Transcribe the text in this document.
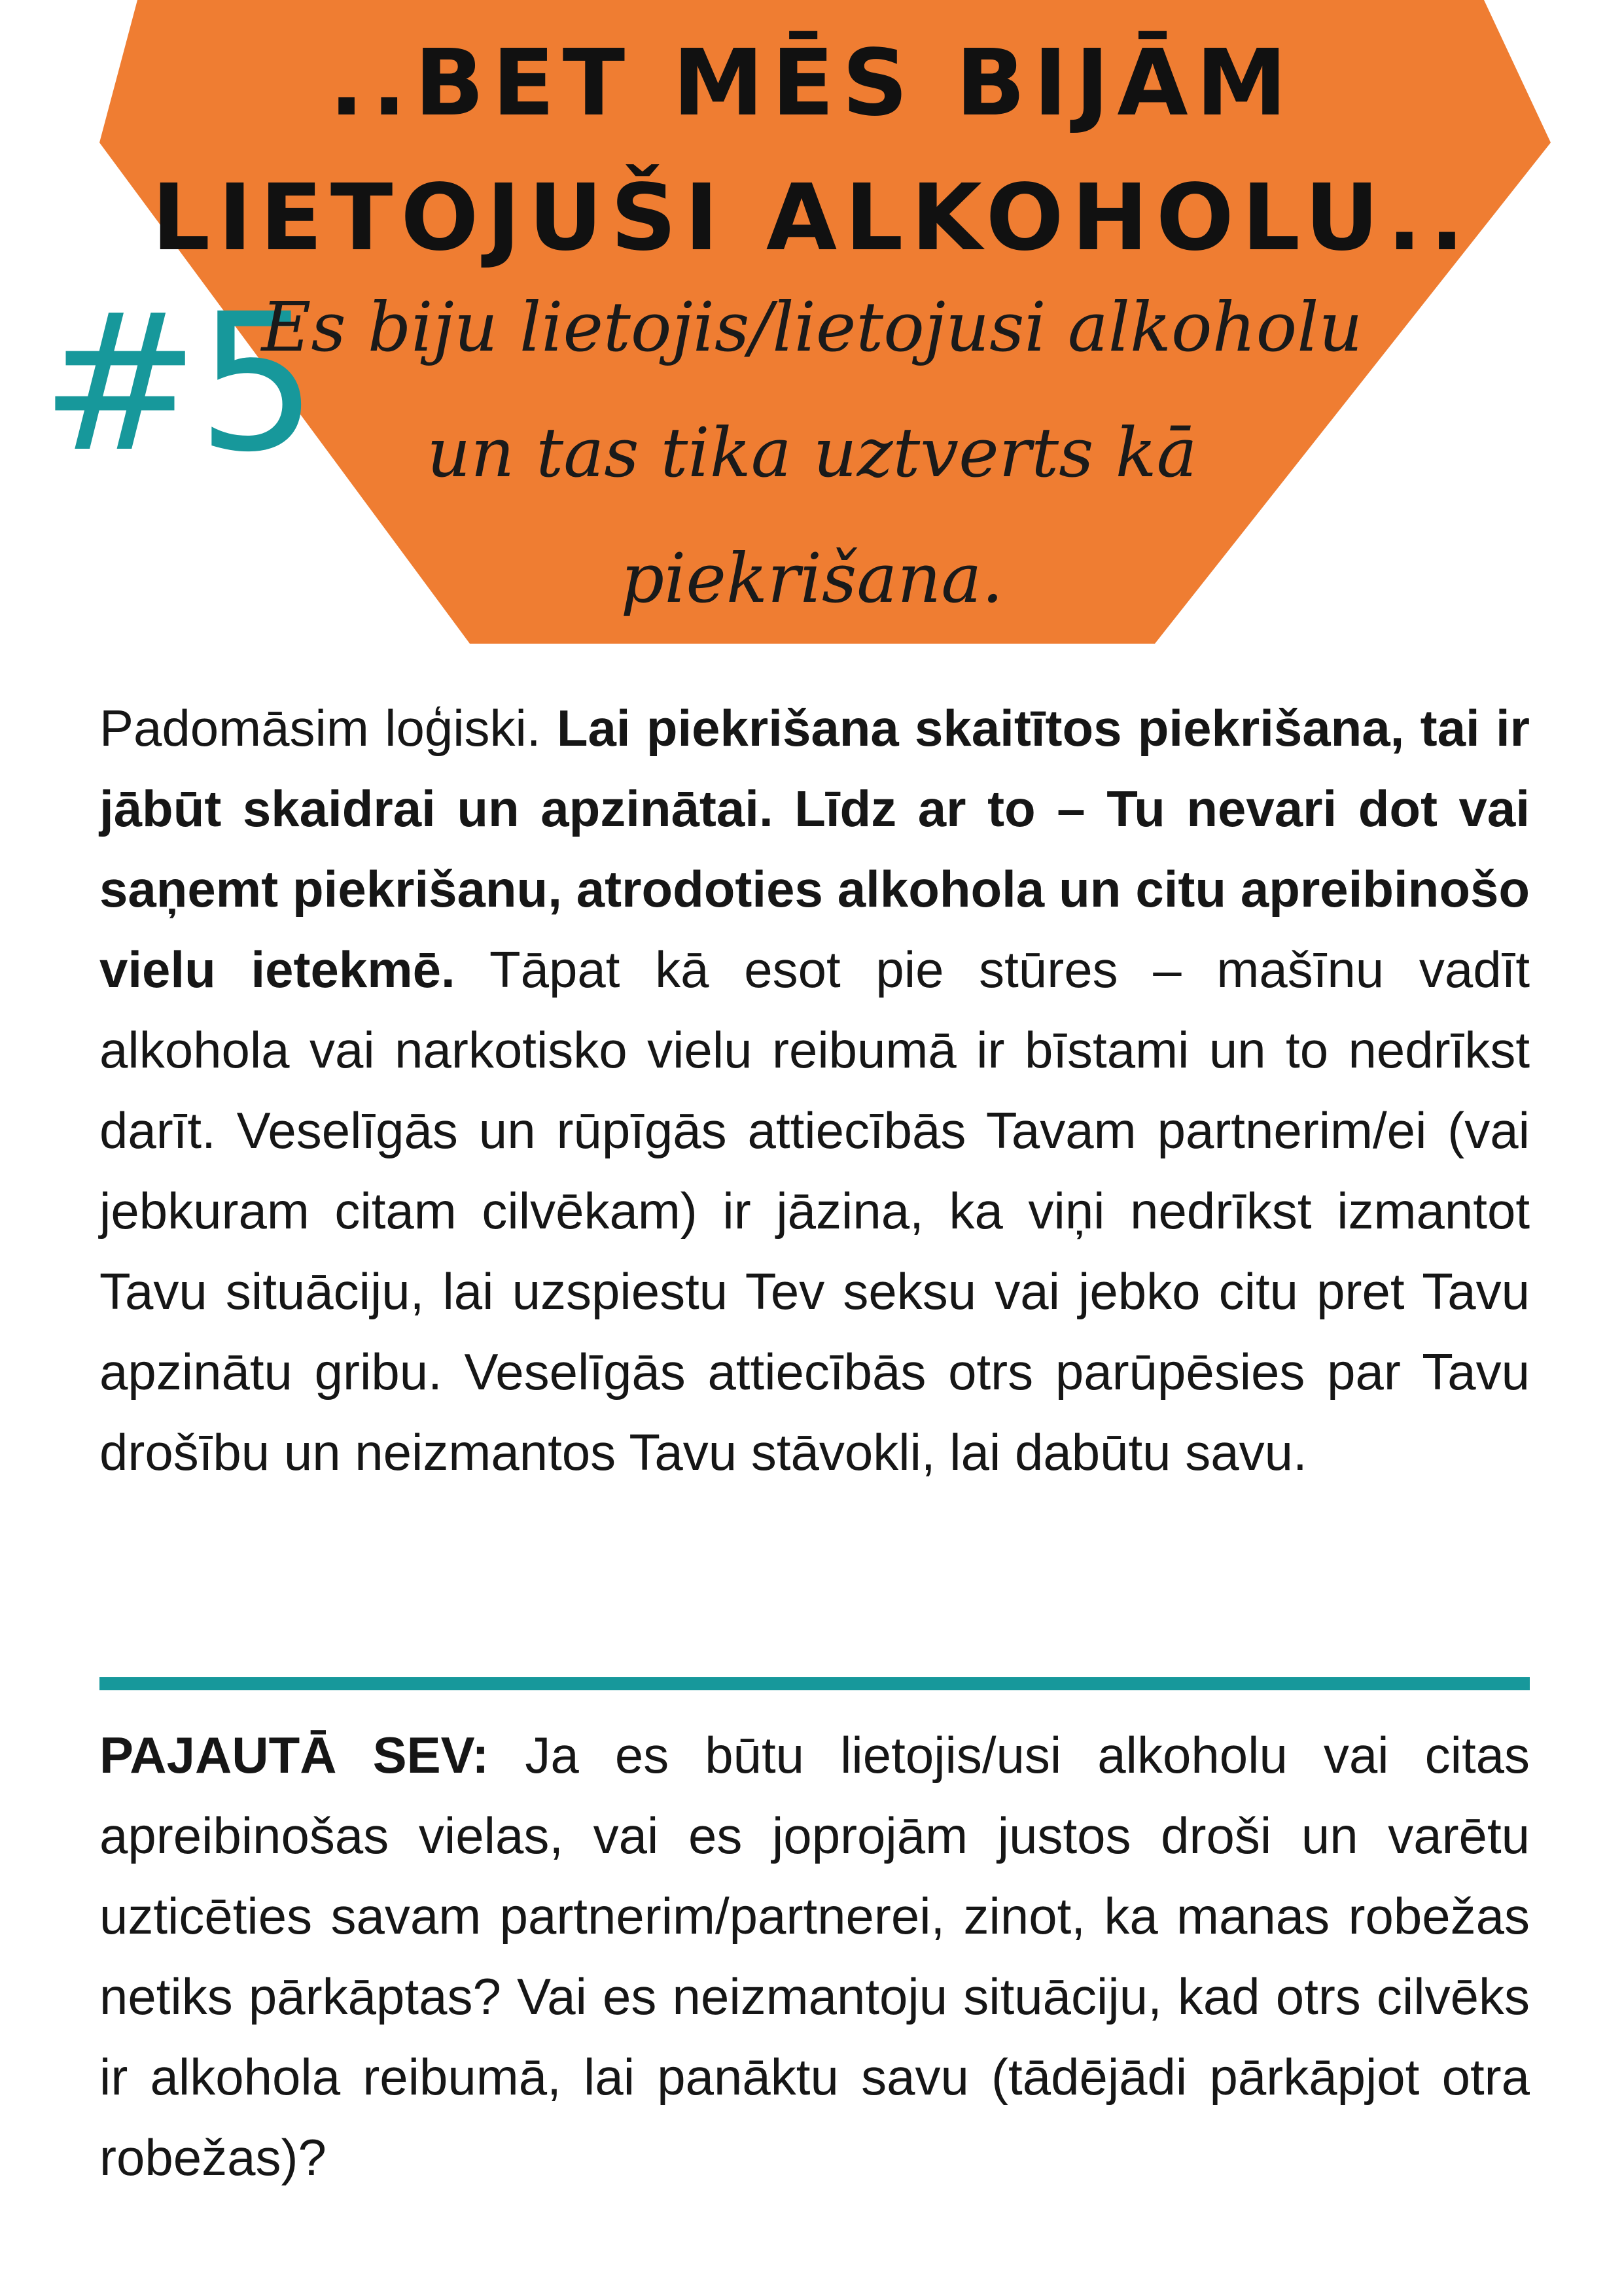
..BET MĒS BIJĀM
LIETOJUŠI ALKOHOLU..
#5
Es biju lietojis/lietojusi alkoholu
un tas tika uztverts kā
piekrišana.
Padomāsim loģiski. Lai piekrišana skaitītos piekrišana, tai ir jābūt skaidrai un apzinātai. Līdz ar to – Tu nevari dot vai saņemt piekrišanu, atrodoties alkohola un citu apreibinošo vielu ietekmē. Tāpat kā esot pie stūres – mašīnu vadīt alkohola vai narkotisko vielu reibumā ir bīstami un to nedrīkst darīt. Veselīgās un rūpīgās attiecībās Tavam partnerim/ei (vai jebkuram citam cilvēkam) ir jāzina, ka viņi nedrīkst izmantot Tavu situāciju, lai uzspiestu Tev seksu vai jebko citu pret Tavu apzinātu gribu. Veselīgās attiecībās otrs parūpēsies par Tavu drošību un neizmantos Tavu stāvokli, lai dabūtu savu.
PAJAUTĀ SEV: Ja es būtu lietojis/usi alkoholu vai citas apreibinošas vielas, vai es joprojām justos droši un varētu uzticēties savam partnerim/partnerei, zinot, ka manas robežas netiks pārkāptas? Vai es neizmantoju situāciju, kad otrs cilvēks ir alkohola reibumā, lai panāktu savu (tādējādi pārkāpjot otra robežas)?
